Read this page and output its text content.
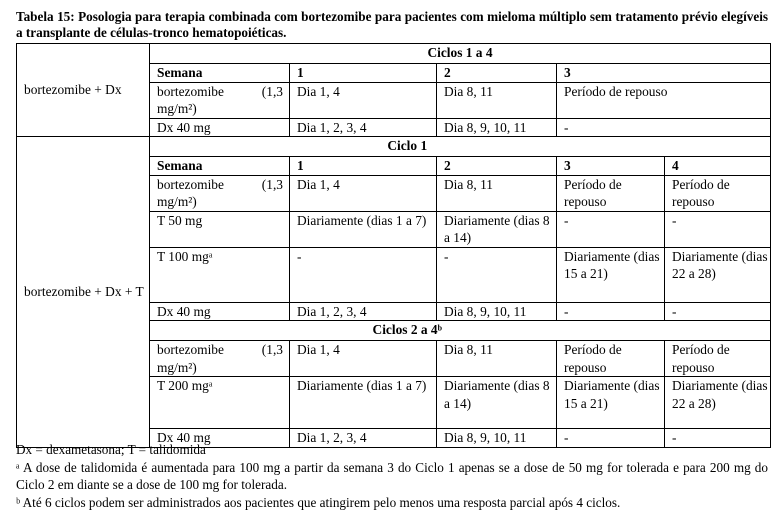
Tabela 15: Posologia para terapia combinada com bortezomibe para pacientes com mieloma múltiplo sem tratamento prévio elegíveis a transplante de células-tronco hematopoiéticas.
bortezomibe + Dx	Ciclos 1 a 4				
	Semana	1	2	3	
	bortezomibe (1,3 mg/m²)	Dia 1, 4	Dia 8, 11	Período de repouso	
	Dx 40 mg	Dia 1, 2, 3, 4	Dia 8, 9, 10, 11	-	
bortezomibe + Dx + T	Ciclo 1				
	Semana	1	2	3	4
	bortezomibe (1,3 mg/m²)	Dia 1, 4	Dia 8, 11	Período de repouso	Período de repouso
	T 50 mg	Diariamente (dias 1 a 7)	Diariamente (dias 8 a 14)	-	-
	T 100 mgᵃ	-	-	Diariamente (dias 15 a 21)	Diariamente (dias 22 a 28)
	Dx 40 mg	Dia 1, 2, 3, 4	Dia 8, 9, 10, 11	-	-
	Ciclos 2 a 4ᵇ				
	bortezomibe (1,3 mg/m²)	Dia 1, 4	Dia 8, 11	Período de repouso	Período de repouso
	T 200 mgᵃ	Diariamente (dias 1 a 7)	Diariamente (dias 8 a 14)	Diariamente (dias 15 a 21)	Diariamente (dias 22 a 28)
	Dx 40 mg	Dia 1, 2, 3, 4	Dia 8, 9, 10, 11	-	-
Dx = dexametasona; T = talidomida
ᵃ A dose de talidomida é aumentada para 100 mg a partir da semana 3 do Ciclo 1 apenas se a dose de 50 mg for tolerada e para 200 mg do Ciclo 2 em diante se a dose de 100 mg for tolerada.
ᵇ Até 6 ciclos podem ser administrados aos pacientes que atingirem pelo menos uma resposta parcial após 4 ciclos.
